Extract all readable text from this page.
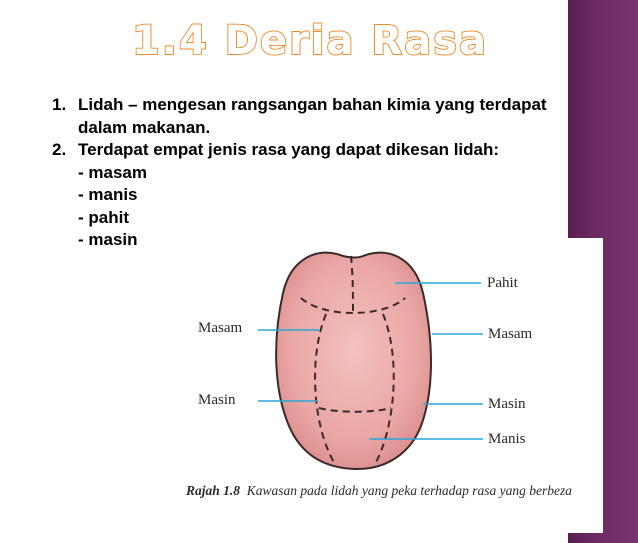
1.4 Deria Rasa
1. Lidah – mengesan rangsangan bahan kimia yang terdapat dalam makanan.
2. Terdapat empat jenis rasa yang dapat dikesan lidah:
- masam
- manis
- pahit
- masin
Pahit
Masam
Masin
Manis
Masam
Masin
Rajah 1.8 Kawasan pada lidah yang peka terhadap rasa yang berbeza
